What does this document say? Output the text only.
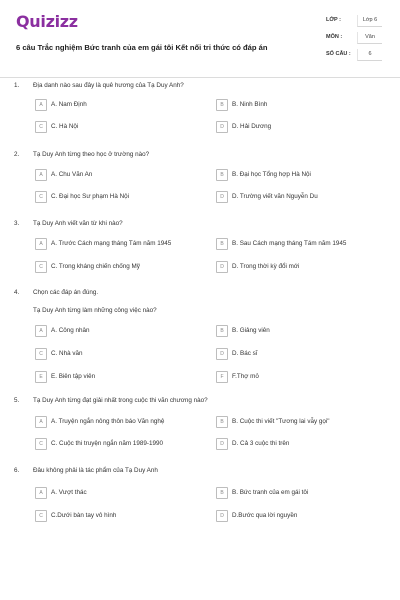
Quizizz
6 câu Trắc nghiệm Bức tranh của em gái tôi Kết nối tri thức có đáp án
LỚP :	Lớp 6
MÔN :	Văn
SỐ CÂU :	6
1. Địa danh nào sau đây là quê hương của Tạ Duy Anh?
A	A. Nam Định	B	B. Ninh Bình
C	C. Hà Nội	D	D. Hải Dương
2. Tạ Duy Anh từng theo học ở trường nào?
A	A. Chu Văn An	B	B. Đại học Tổng hợp Hà Nội
C	C. Đại học Sư phạm Hà Nội	D	D. Trường viết văn Nguyễn Du
3. Tạ Duy Anh viết văn từ khi nào?
A	A. Trước Cách mạng tháng Tám năm 1945	B	B. Sau Cách mạng tháng Tám năm 1945
C	C. Trong kháng chiến chống Mỹ	D	D. Trong thời kỳ đổi mới
4. Chọn các đáp án đúng.
Tạ Duy Anh từng làm những công việc nào?
A	A. Công nhân	B	B. Giảng viên
C	C. Nhà văn	D	D. Bác sĩ
E	E. Biên tập viên	F	F.Thợ mỏ
5. Tạ Duy Anh từng đạt giải nhất trong cuộc thi văn chương nào?
A	A. Truyện ngắn nông thôn báo Văn nghệ	B	B. Cuộc thi viết "Tương lai vẫy gọi"
C	C. Cuộc thi truyện ngắn năm 1989-1990	D	D. Cả 3 cuộc thi trên
6. Đâu không phải là tác phẩm của Tạ Duy Anh
A	A. Vượt thác	B	B. Bức tranh của em gái tôi
C	C.Dưới bàn tay vô hình	D	D.Bước qua lời nguyền
